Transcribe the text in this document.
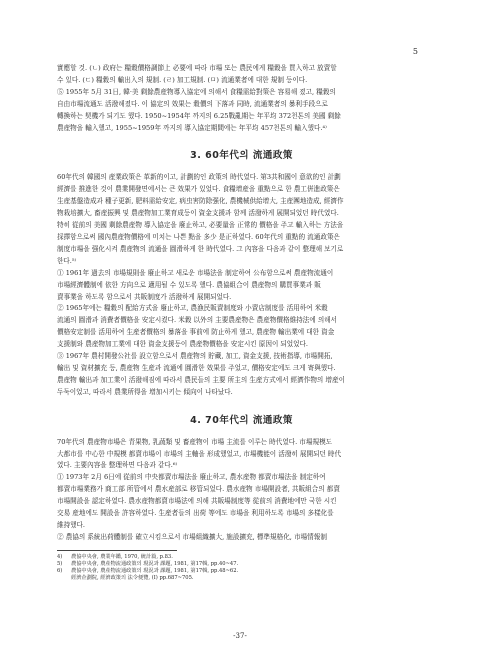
5
實應할 것. (ㄴ) 政府는 糧穀價格調節上 必要에 따라 市場 또는 農民에게 糧穀을 買入하고 放賣할
수 있다. (ㄷ) 糧穀의 輸出入의 規制. (ㄹ) 加工規制. (ㅁ) 流通業者에 대한 規制 등이다.
⑤ 1955年 5月 31日, 韓·美 剩餘農産物導入協定에 의해서 食糧需給對策은 容易해 졌고, 糧穀의
自由市場流通도 活潑해졌다. 이 協定의 效果는 穀價의 下落과 同時, 流通業者의 暴利手段으로
轉換하는 契機가 되기도 했다. 1950~1954年 까지의 6.25戰亂期는 年平均 372천톤의 美國 剩餘
農産物을 輸入했고, 1955~1959年 까지의 導入協定期間에는 年平均 457천톤의 輸入했다.⁴⁾
3. 60年代의 流通政策
60年代의 韓國의 産業政策은 革新的이고, 計劃的인 政策의 時代였다. 第3共和國이 意欲的인 計劃
經濟를 推進한 것이 農業開發면에서는 큰 效果가 있었다. 食糧增産을 重點으로 한 農工倂進政策은
生産基盤造成과 種子更新, 肥料需給安定, 病虫害防除强化, 農機械供給增大, 主産團地造成, 經濟作
物栽培擴大, 畜産振興 및 農産物加工業育成등이 資金支援과 함께 活潑하게 展開되었던 時代였다.
特히 從前의 美國 剩餘農産物 導入協定을 廢止하고, 必要量을 正常的 價格을 주고 輸入하는 方法을
採擇함으로써 國內農産物價格에 미치는 나쁜 點을 多少 是正하였다. 60年代의 重點的 流通政策은
制度市場을 强化시켜 農産物의 流通을 圓滑하게 한 時代였다. 그 內容을 다음과 같이 整理해 보기로
한다.⁵⁾
① 1961年 過去의 市場規則을 廢止하고 새로운 市場法을 制定하여 公布함으로써 農産物流通이
市場經濟體制에 依한 方向으로 適用될 수 있도록 했다. 農協組合이 農産物의 購買事業과 販
賣事業을 하도록 함으로서 共販制度가 活潑하게 展開되었다.
② 1965年에는 糧穀의 配給方式을 廢止하고, 農漁民販賣制度와 小賣店制度를 活用하여 米穀
流通의 圓滑과 消費者價格을 安定시켰다. 米穀 以外의 主要農産物은 農産物價格維持法에 의해서
價格安定制를 活用하여 生産者價格의 暴落을 事前에 防止하게 했고, 農産物 輸出業에 대한 資金
支援制와 農産物加工業에 대한 資金支援등이 農産物價格을 安定시킨 原因이 되었었다.
③ 1967年 農村開發公社를 設立함으로서 農産物의 貯藏, 加工, 資金支援, 技術指導, 市場開拓,
輸出 및 資材擴充 등, 農産物 生産과 流通에 圓滑한 效果를 주었고, 價格安定에도 크게 寄與했다.
農産物 輸出과 加工業이 活潑해짐에 따라서 農民들의 主要 所主의 生産方式에서 經濟作物의 增産이
두둑이었고, 따라서 農業所得을 增加시키는 傾向이 나타났다.
4. 70年代의 流通政策
70年代의 農産物市場은 青果物, 乳蔬類 및 畜産物이 市場 主流를 이루는 時代였다. 市場規模도
大都市를 中心한 中規模 都賣市場이 市場의 主軸을 形成했었고, 市場機能이 活潑히 展開되던 時代
였다. 主要內容을 整理하면 다음과 같다.⁶⁾
① 1973年 2月 6日에 從前의 中央都賣市場法을 廢止하고, 農水産物 都賣市場法을 制定하여
都賣市場業務가 商工部 所管에서 農水産部로 移管되었다. 農水産物 市場開設者, 共販組合의 都賣
市場開設을 認定하였다. 農水産物都賣市場法에 의해 共販場制度等 從前의 消費地에만 국한 시킨
交易 産地에도 開設을 許容하였다. 生産者들의 出荷 等에도 市場을 利用하도록 市場의 多樣化를
維持했다.
② 農協의 系統出荷體制를 確立시킴으로서 市場組織擴大, 施設擴充, 標準規格化, 市場情報制
4) 農協中央會, 農業年鑑, 1970, 統計篇, p.83.
5) 農協中央會, 農産物流通政策의 現況과 課題, 1981, 第17輯, pp.40~47.
6) 農協中央會, 農産物流通政策의 現況과 課題, 1981, 第17輯, pp.48~62.
經濟企劃院, 經濟政策의 法令便覽, (Ⅰ) pp.687~705.
-37-
